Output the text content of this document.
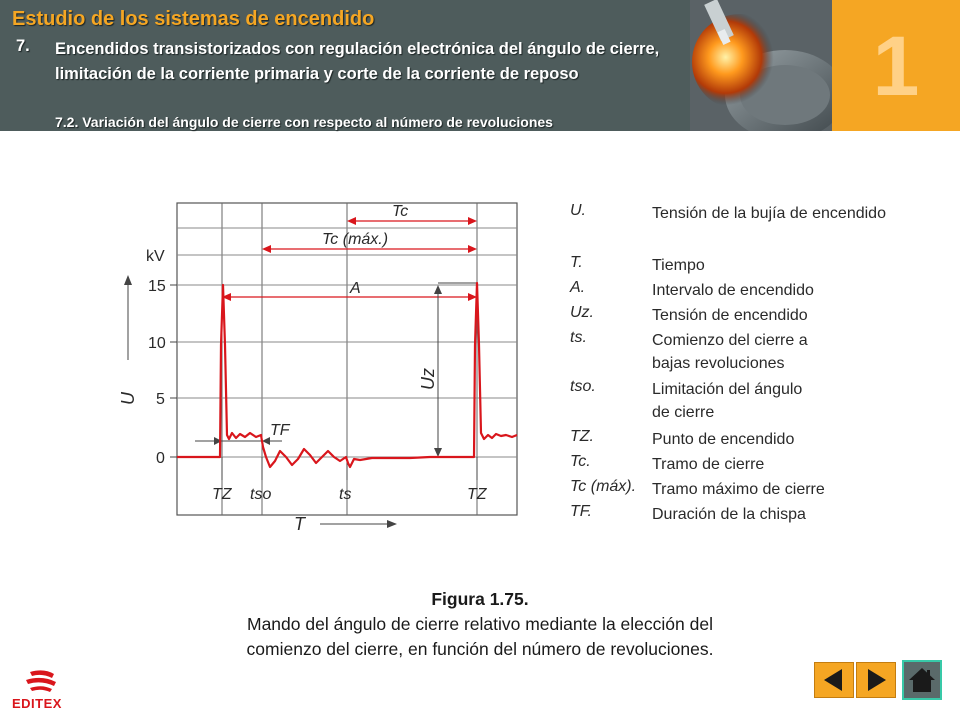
Estudio de los sistemas de encendido
7. Encendidos transistorizados con regulación electrónica del ángulo de cierre, limitación de la corriente primaria y corte de la corriente de reposo
7.2. Variación del ángulo de cierre con respecto al número de revoluciones
1
kV
15
10
5
0
U
T
TZ tso	ts	TZ
Tc
Tc (máx.)
A
Uz
TF
U.	Tensión de la bujía de encendido
T.	Tiempo
A.	Intervalo de encendido
Uz.	Tensión de encendido
ts.	Comienzo del cierre a bajas revoluciones
tso.	Limitación del ángulo de cierre
TZ.	Punto de encendido
Tc.	Tramo de cierre
Tc (máx). Tramo máximo de cierre
TF.	Duración de la chispa
Figura 1.75.
Mando del ángulo de cierre relativo mediante la elección del comienzo del cierre, en función del número de revoluciones.
EDITEX
